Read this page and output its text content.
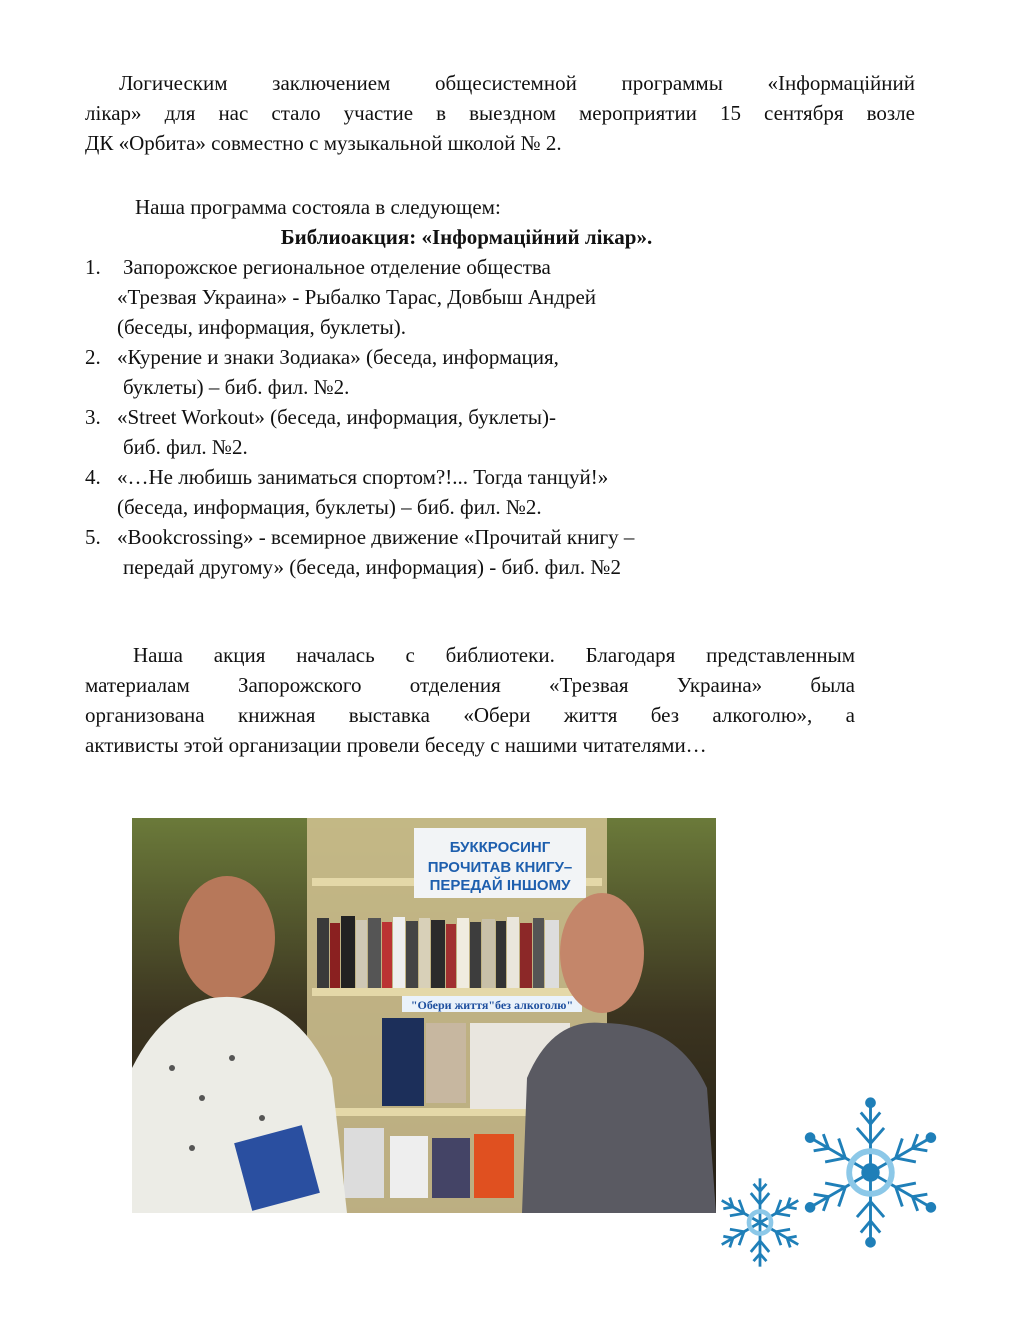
Логическим заключением общесистемной программы «Інформаційний
лікар» для нас стало участие в выездном мероприятии 15 сентября возле
ДК «Орбита» совместно с музыкальной школой № 2.
Наша программа состояла в следующем:
Библиоакция: «Інформаційний лікар».
1. Запорожское региональное отделение общества
«Трезвая Украина» - Рыбалко Тарас, Довбыш Андрей
(беседы, информация, буклеты).
2. «Курение и знаки Зодиака» (беседа, информация,
буклеты) – биб. фил. №2.
3. «Street Workout» (беседа, информация, буклеты)-
биб. фил. №2.
4. «…Не любишь заниматься спортом?!... Тогда танцуй!»
(беседа, информация, буклеты) – биб. фил. №2.
5. «Bookcrossing» - всемирное движение «Прочитай книгу –
передай другому» (беседа, информация) - биб. фил. №2
Наша акция началась с библиотеки. Благодаря представленным
материалам Запорожского отделения «Трезвая Украина» была
организована книжная выставка «Обери життя без алкоголю», а
активисты этой организации провели беседу с нашими читателями…
БУККРОСИНГ
ПРОЧИТАВ КНИГУ–
ПЕРЕДАЙ ІНШОМУ
"Обери життя"без алкоголю"
